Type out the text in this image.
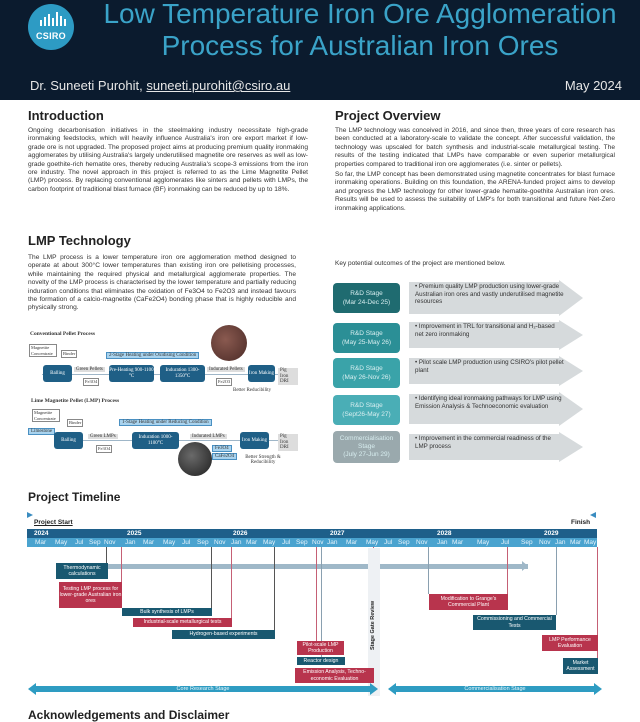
CSIRO
Low Temperature Iron Ore Agglomeration
Process for Australian Iron Ores
Dr. Suneeti Purohit, suneeti.purohit@csiro.au	May 2024
Introduction

Ongoing decarbonisation initiatives in the steelmaking industry necessitate high-grade ironmaking feedstocks, which will heavily influence Australia's iron ore export market if low-grade ore is not upgraded. The proposed project aims at producing premium quality ironmaking agglomerates by utilising Australia's largely underutilised magnetite ore reserves as well as low-grade goethite-rich hematite ores, thereby reducing Australia's scope-3 emissions from the iron ore industry. The novel approach in this project is referred to as the Lime Magnetite Pellet (LMP) process. By replacing conventional agglomerates like sinters and pellets with LMPs, the carbon footprint of traditional blast furnace (BF) ironmaking can be reduced by up to 18%.

LMP Technology

The LMP process is a lower temperature iron ore agglomeration method designed to operate at about 300°C lower temperatures than existing iron ore pelletising processes, while maintaining the required physical and metallurgical agglomerate properties. The novelty of the LMP process is characterised by the lower temperature and partially reducing induration conditions that eliminates the oxidation of Fe3O4 to Fe2O3 and instead favours the formation of a calcio-magnetite (CaFe2O4) bonding phase that is highly reducible and physically strong.

Conventional Pellet Process
Magnetite Concentrate	Binder	2-Stage Heating under Oxidising Condition
Balling
Green Pellets
Fe3O4
Pre-Heating 900-1100 °C
Induration 1300-1350°C
Indurated Pellets
Fe2O3
Iron Making	Pig Iron DRI
Better Reducibility
Lime Magnetite Pellet (LMP) Process
Magnetite Concentrate
Binder
Limestone
1-Stage Heating under Reducing Condition
Balling
Green LMPs
Fe3O4
Induration 1000-1100°C
Indurated LMPs
Fe3O4
CaFe2O4
Iron Making
Pig Iron DRI
Better Strength & Reducibility
Project Overview

The LMP technology was conceived in 2016, and since then, three years of core research has been conducted at a laboratory-scale to validate the concept. After successful validation, the technology was upscaled for batch synthesis and industrial-scale metallurgical testing. The results of the testing indicated that LMPs have comparable or even superior metallurgical properties compared to traditional iron ore agglomerates (i.e. sinter or pellets).

So far, the LMP concept has been demonstrated using magnetite concentrates for blast furnace ironmaking operations. Building on this foundation, the ARENA-funded project aims to develop and progress the LMP technology for other lower-grade hematite-goethite Australian iron ores. Results will be used to assess the suitability of LMP's for both transitional and future Net-Zero ironmaking applications.

Key potential outcomes of the project are mentioned below.
R&D Stage
(Mar 24-Dec 25)
• Premium quality LMP production using lower-grade Australian iron ores and vastly underutilised magnetite resources
R&D Stage
(May 25-May 26)
• Improvement in TRL for transitional and H₂-based net zero ironmaking
R&D Stage
(May 26-Nov 26)
• Pilot scale LMP production using CSIRO's pilot pellet plant
R&D Stage
(Sept26-May 27)
• Identifying ideal ironmaking pathways for LMP using Emission Analysis & Technoeconomic evaluation
Commercialisation Stage
(July 27-Jun 29)
• Improvement in the commercial readiness of the LMP process
Project Timeline
Project Start	Finish
2024	2025	2026	2027	2028	2029
Mar May Jul Sep Nov Jan Mar May Jul Sep Nov Jan Mar May Jul Sep Nov Jan Mar May Jul Sep Nov Jan Mar May Jul Sep Nov Jan Mar May
Stage Gate Review
Thermodynamic calculations
Testing LMP process for lower-grade Australian iron ores
Bulk synthesis of LMPs
Industrial-scale metallurgical tests
Hydrogen-based experiments
Pilot-scale LMP Production
Reactor design
Emission Analysis, Techno-economic Evaluation
Modification to Grange's Commercial Plant
Commissioning and Commercial Tests
LMP Performance Evaluation
Market Assessment
Core Research Stage	Commercialisation Stage
Acknowledgements and Disclaimer
